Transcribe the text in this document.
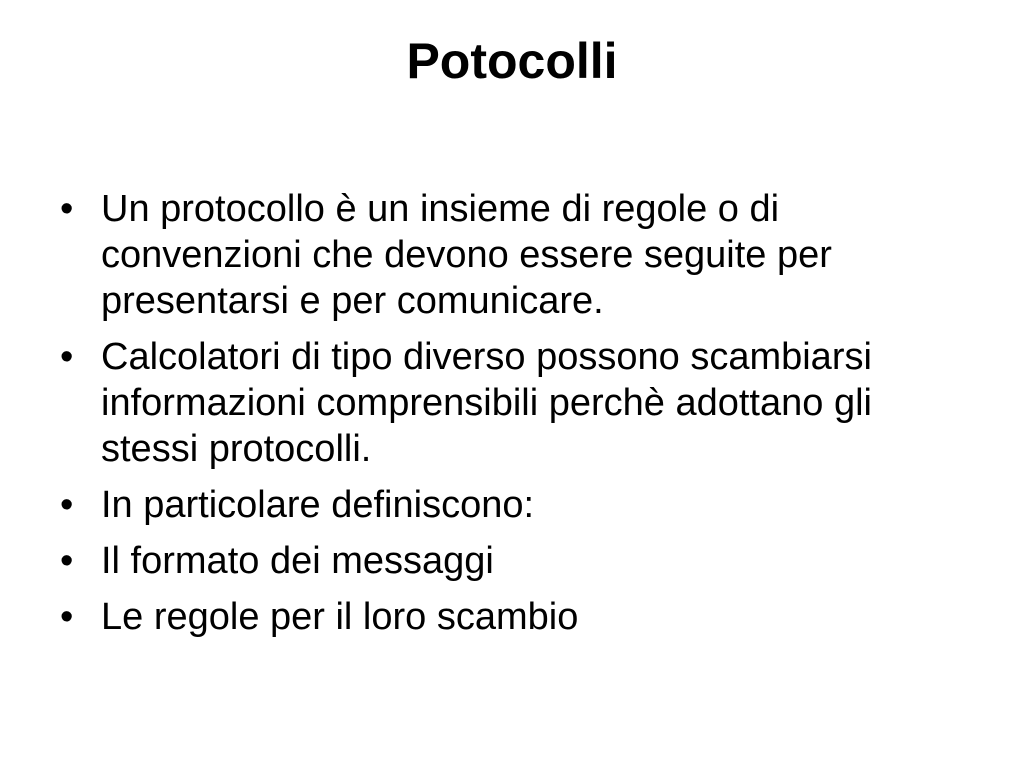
Potocolli
• Un protocollo è un insieme di regole o di convenzioni che devono essere seguite per presentarsi e per comunicare.
• Calcolatori di tipo diverso possono scambiarsi informazioni comprensibili perchè adottano gli stessi protocolli.
• In particolare definiscono:
• Il formato dei messaggi
• Le regole per il loro scambio
